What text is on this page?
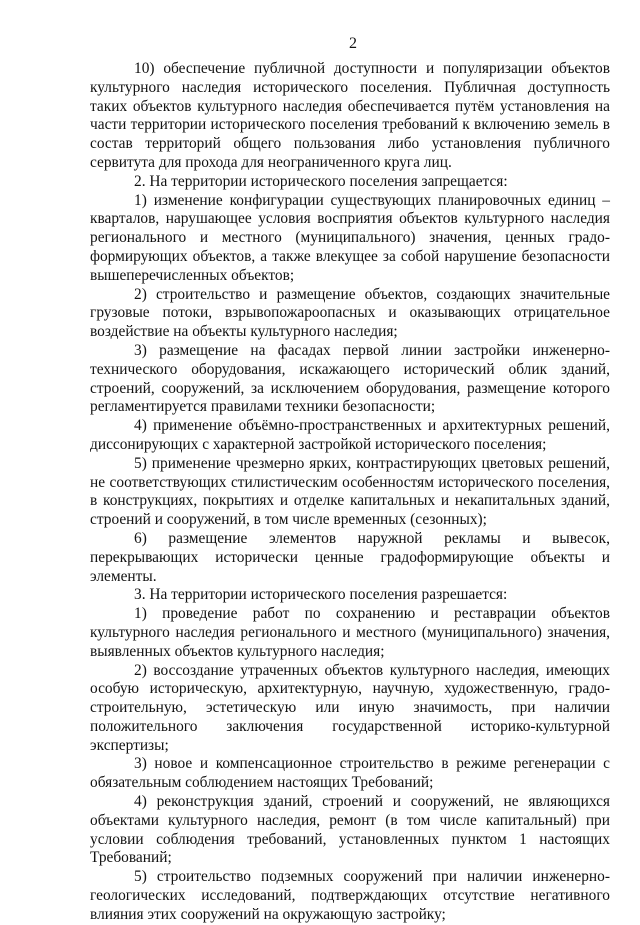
2

10) обеспечение публичной доступности и популяризации объектов культурного наследия исторического поселения. Публичная доступность таких объектов культурного наследия обеспечивается путём установления на части территории исторического поселения требований к включению земель в состав территорий общего пользования либо установления публичного сервитута для прохода для неограниченного круга лиц.

2. На территории исторического поселения запрещается:

1) изменение конфигурации существующих планировочных единиц – кварталов, нарушающее условия восприятия объектов культурного наследия регионального и местного (муниципального) значения, ценных градоформирующих объектов, а также влекущее за собой нарушение безопасности вышеперечисленных объектов;

2) строительство и размещение объектов, создающих значительные грузовые потоки, взрывопожароопасных и оказывающих отрицательное воздействие на объекты культурного наследия;

3) размещение на фасадах первой линии застройки инженерно-технического оборудования, искажающего исторический облик зданий, строений, сооружений, за исключением оборудования, размещение которого регламентируется правилами техники безопасности;

4) применение объёмно-пространственных и архитектурных решений, диссонирующих с характерной застройкой исторического поселения;

5) применение чрезмерно ярких, контрастирующих цветовых решений, не соответствующих стилистическим особенностям исторического поселения, в конструкциях, покрытиях и отделке капитальных и некапитальных зданий, строений и сооружений, в том числе временных (сезонных);

6) размещение элементов наружной рекламы и вывесок, перекрывающих исторически ценные градоформирующие объекты и элементы.

3. На территории исторического поселения разрешается:

1) проведение работ по сохранению и реставрации объектов культурного наследия регионального и местного (муниципального) значения, выявленных объектов культурного наследия;

2) воссоздание утраченных объектов культурного наследия, имеющих особую историческую, архитектурную, научную, художественную, градостроительную, эстетическую или иную значимость, при наличии положительного заключения государственной историко-культурной экспертизы;

3) новое и компенсационное строительство в режиме регенерации с обязательным соблюдением настоящих Требований;

4) реконструкция зданий, строений и сооружений, не являющихся объектами культурного наследия, ремонт (в том числе капитальный) при условии соблюдения требований, установленных пунктом 1 настоящих Требований;

5) строительство подземных сооружений при наличии инженерно-геологических исследований, подтверждающих отсутствие негативного влияния этих сооружений на окружающую застройку;
